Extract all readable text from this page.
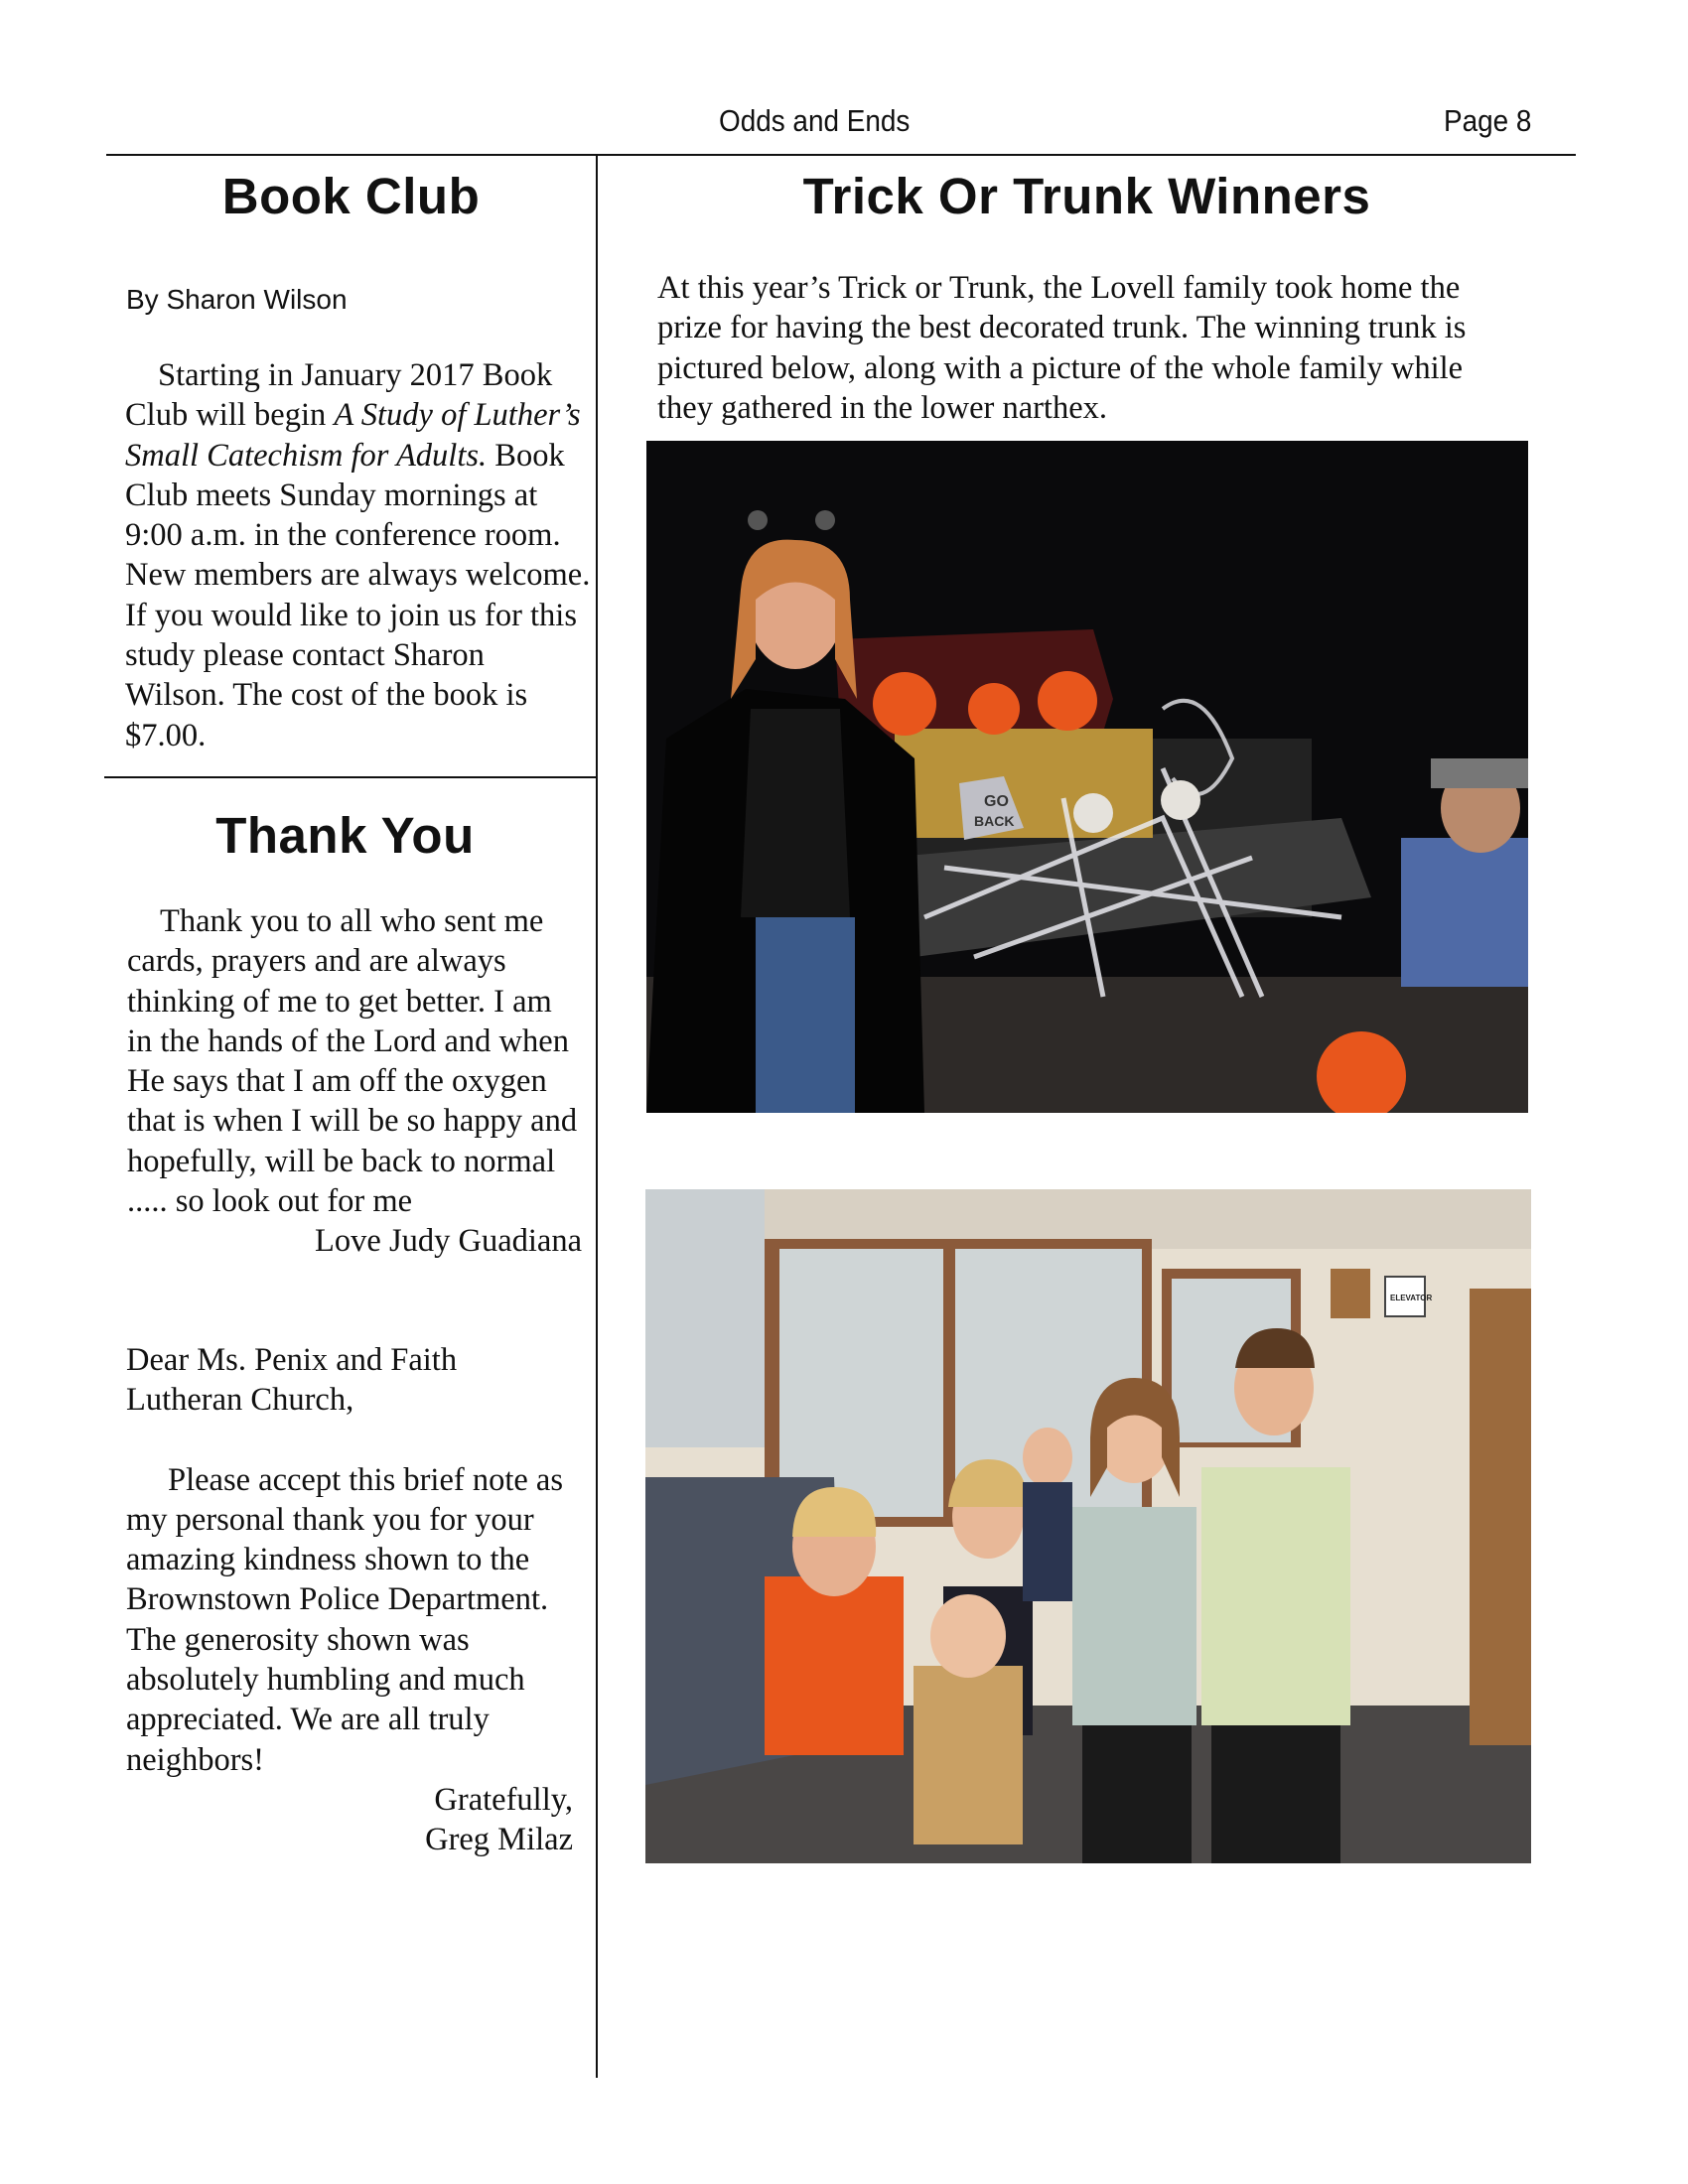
Odds and Ends	Page 8
Book Club
By Sharon Wilson

Starting in January 2017 Book Club will begin A Study of Luther’s Small Catechism for Adults. Book Club meets Sunday mornings at 9:00 a.m. in the conference room. New members are always welcome. If you would like to join us for this study please contact Sharon Wilson. The cost of the book is $7.00.

Thank You

Thank you to all who sent me cards, prayers and are always thinking of me to get better. I am in the hands of the Lord and when He says that I am off the oxygen that is when I will be so happy and hopefully, will be back to normal ..... so look out for me

Love Judy Guadiana

Dear Ms. Penix and Faith Lutheran Church,

Please accept this brief note as my personal thank you for your amazing kindness shown to the Brownstown Police Department. The generosity shown was absolutely humbling and much appreciated. We are all truly neighbors!

Gratefully,

Greg Milaz

Trick Or Trunk Winners
At this year’s Trick or Trunk, the Lovell family took home the prize for having the best decorated trunk. The winning trunk is pictured below, along with a picture of the whole family while they gathered in the lower narthex.
GO
BACK
ELEVATOR
